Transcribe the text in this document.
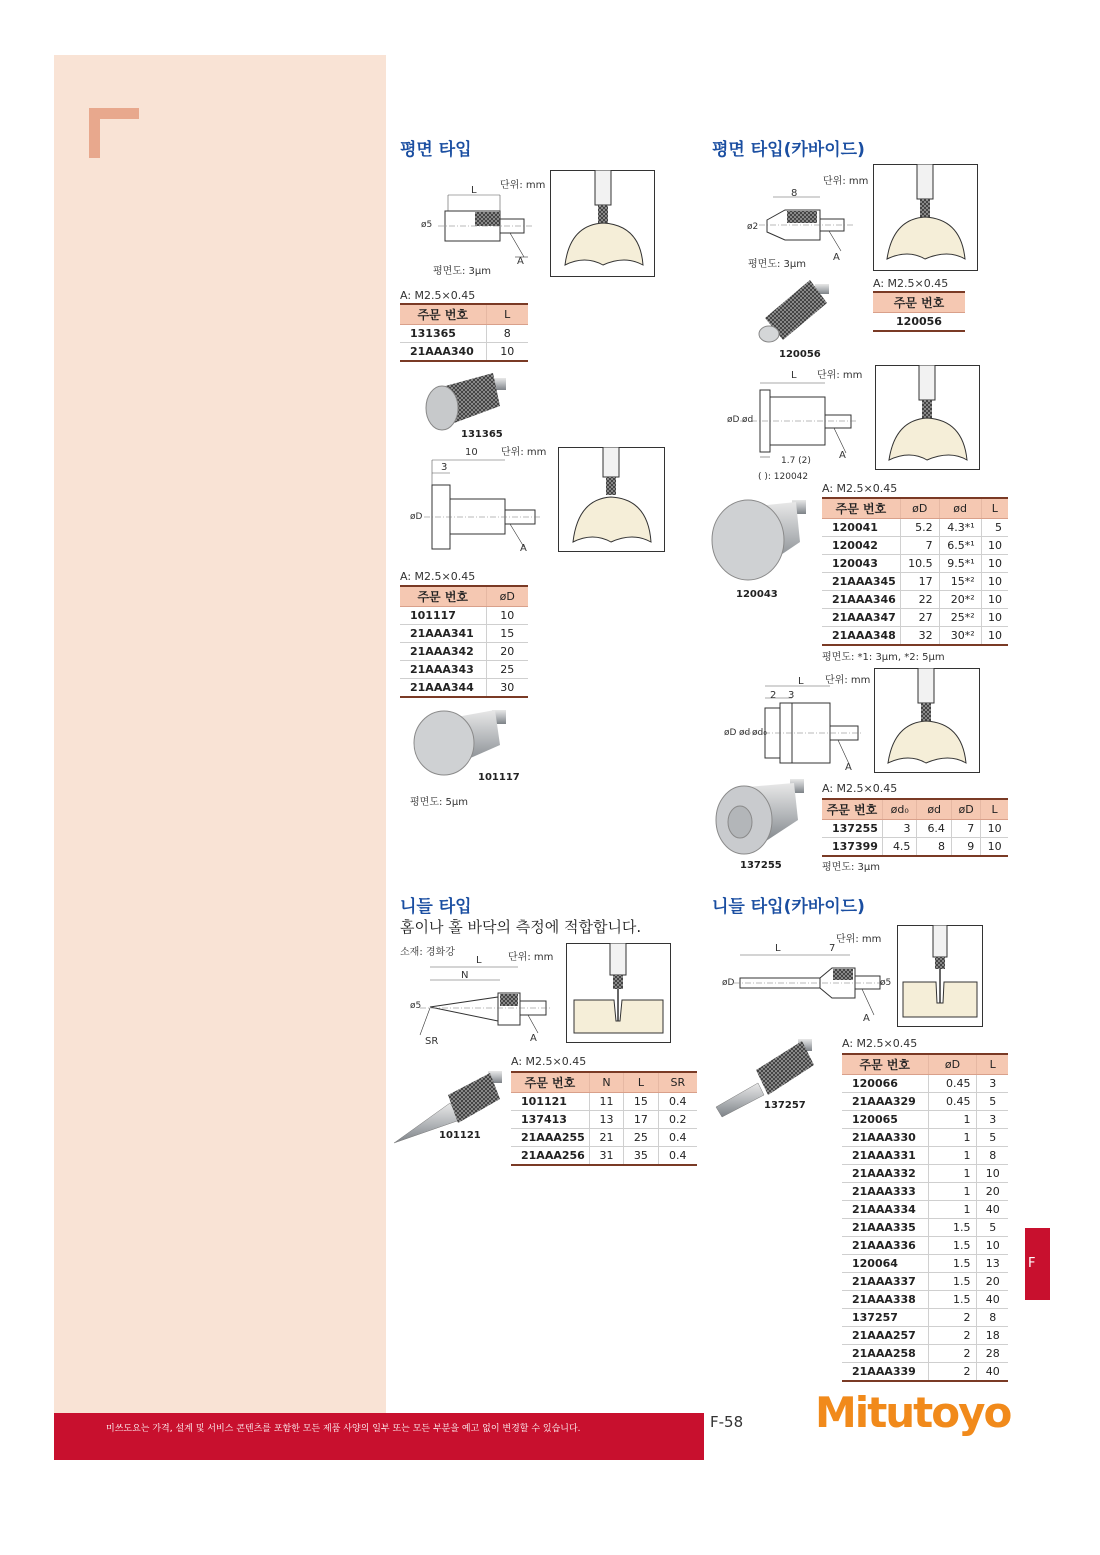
F
평면 타입
단위: mm
L
ø5
A
평면도: 3μm
A: M2.5×0.45
주문 번호	L
131365	8
21AAA340	10
131365
10
3
단위: mm
øD
A
A: M2.5×0.45
주문 번호	øD
101117	10
21AAA341	15
21AAA342	20
21AAA343	25
21AAA344	30
101117
평면도: 5μm
평면 타입(카바이드)
단위: mm
8
ø2
A
평면도: 3μm
120056
A: M2.5×0.45
주문 번호
120056
L 단위: mm
øD ød
A
1.7 (2)
( ): 120042
120043
A: M2.5×0.45
주문 번호	øD	ød	L
120041	5.2	4.3*¹	5
120042	7	6.5*¹	10
120043	10.5	9.5*¹	10
21AAA345	17	15*²	10
21AAA346	22	20*²	10
21AAA347	27	25*²	10
21AAA348	32	30*²	10
평면도: *1: 3μm, *2: 5μm
L 단위: mm
2 3
øD ød ød₀
A
137255
A: M2.5×0.45
주문 번호	ød₀	ød	øD	L
137255	3	6.4	7	10
137399	4.5	8	9	10
평면도: 3μm
니들 타입
홈이나 홀 바닥의 측정에 적합합니다.
소재: 경화강	단위: mm
L
N
ø5
A
SR
101121
A: M2.5×0.45
주문 번호	N	L	SR
101121	11	15	0.4
137413	13	17	0.2
21AAA255	21	25	0.4
21AAA256	31	35	0.4
니들 타입(카바이드)
단위: mm
L	7
øD	ø5
A
137257
A: M2.5×0.45
주문 번호	øD	L
120066	0.45	3
21AAA329	0.45	5
120065	1	3
21AAA330	1	5
21AAA331	1	8
21AAA332	1	10
21AAA333	1	20
21AAA334	1	40
21AAA335	1.5	5
21AAA336	1.5	10
120064	1.5	13
21AAA337	1.5	20
21AAA338	1.5	40
137257	2	8
21AAA257	2	18
21AAA258	2	28
21AAA339	2	40
미쓰도요는 가격, 설계 및 서비스 콘텐츠를 포함한 모든 제품 사양의 일부 또는 모든 부분을 예고 없이 변경할 수 있습니다.	F-58 Mitutoyo
